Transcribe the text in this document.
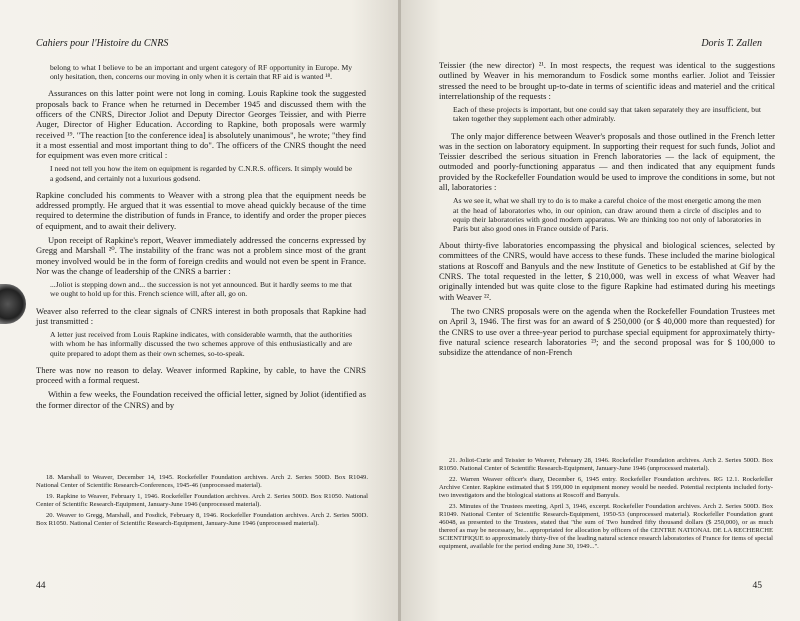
Cahiers pour l'Histoire du CNRS
belong to what I believe to be an important and urgent category of RF opportunity in Europe. My only hesitation, then, concerns our moving in only when it is certain that RF aid is wanted ¹⁸.

Assurances on this latter point were not long in coming. Louis Rapkine took the suggested proposals back to France when he returned in December 1945 and discussed them with the officers of the CNRS, Director Joliot and Deputy Director Georges Teissier, and with Pierre Auger, Director of Higher Education. According to Rapkine, both proposals were warmly received ¹⁹. "The reaction [to the conference idea] is absolutely unanimous", he wrote; "they find it a most essential and most important thing to do". The officers of the CNRS thought the need for equipment was even more critical :

I need not tell you how the item on equipment is regarded by C.N.R.S. officers. It simply would be a godsend, and certainly not a luxurious godsend.

Rapkine concluded his comments to Weaver with a strong plea that the equipment needs be addressed promptly. He argued that it was essential to move ahead quickly because of the time required to determine the distribution of funds in France, to identify and order the proper pieces of equipment, and to await their delivery.

Upon receipt of Rapkine's report, Weaver immediately addressed the concerns expressed by Gregg and Marshall ²⁰. The instability of the franc was not a problem since most of the grant money involved would be in the form of foreign credits and would not even be spent in France. Nor was the change of leadership of the CNRS a barrier :

...Joliot is stepping down and... the succession is not yet announced. But it hardly seems to me that we ought to hold up for this. French science will, after all, go on.

Weaver also referred to the clear signals of CNRS interest in both proposals that Rapkine had just transmitted :

A letter just received from Louis Rapkine indicates, with considerable warmth, that the authorities with whom he has informally discussed the two schemes approve of this enthusiastically and are quite prepared to adopt them as their own schemes, so-to-speak.

There was now no reason to delay. Weaver informed Rapkine, by cable, to have the CNRS proceed with a formal request.

Within a few weeks, the Foundation received the official letter, signed by Joliot (identified as the former director of the CNRS) and by

18. Marshall to Weaver, December 14, 1945. Rockefeller Foundation archives. Arch 2. Series 500D. Box R1049. National Center of Scientific Research-Conferences, 1945-46 (unprocessed material).

19. Rapkine to Weaver, February 1, 1946. Rockefeller Foundation archives. Arch 2. Series 500D. Box R1050. National Center of Scientific Research-Equipment, January-June 1946 (unprocessed material).

20. Weaver to Gregg, Marshall, and Fosdick, February 8, 1946. Rockefeller Foundation archives. Arch 2. Series 500D. Box R1050. National Center of Scientific Research-Equipment, January-June 1946 (unprocessed material).

44
Doris T. Zallen

Teissier (the new director) ²¹. In most respects, the request was identical to the suggestions outlined by Weaver in his memorandum to Fosdick some months earlier. Joliot and Teissier stressed the need to be brought up-to-date in terms of scientific ideas and materiel and the critical interrelationship of the requests :

Each of these projects is important, but one could say that taken separately they are insufficient, but taken together they supplement each other admirably.

The only major difference between Weaver's proposals and those outlined in the French letter was in the section on laboratory equipment. In supporting their request for such funds, Joliot and Teissier described the serious situation in French laboratories — the lack of equipment, the outmoded and poorly-functioning apparatus — and then indicated that any equipment funds provided by the Rockefeller Foundation would be used to improve the conditions in some, but not all, laboratories :

As we see it, what we shall try to do is to make a careful choice of the most energetic among the men at the head of laboratories who, in our opinion, can draw around them a circle of disciples and to equip their laboratories with good modern apparatus. We are thinking too not only of laboratories in Paris but also good ones in France outside of Paris.

About thirty-five laboratories encompassing the physical and biological sciences, selected by committees of the CNRS, would have access to these funds. These included the marine biological stations at Roscoff and Banyuls and the new Institute of Genetics to be established at Gif by the CNRS. The total requested in the letter, $ 210,000, was well in excess of what Weaver had originally intended but was quite close to the figure Rapkine had estimated during his meetings with Weaver ²².

The two CNRS proposals were on the agenda when the Rockefeller Foundation Trustees met on April 3, 1946. The first was for an award of $ 250,000 (or $ 40,000 more than requested) for the CNRS to use over a three-year period to purchase special equipment for approximately thirty-five natural science research laboratories ²³; and the second proposal was for $ 100,000 to subsidize the attendance of non-French

21. Joliot-Curie and Teissier to Weaver, February 28, 1946. Rockefeller Foundation archives. Arch 2. Series 500D. Box R1050. National Center of Scientific Research-Equipment, January-June 1946 (unprocessed material).

22. Warren Weaver officer's diary, December 6, 1945 entry. Rockefeller Foundation archives. RG 12.1. Rockefeller Archive Center. Rapkine estimated that $ 199,000 in equipment money would be needed. Potential recipients included forty-two investigators and the biological stations at Roscoff and Banyuls.

23. Minutes of the Trustees meeting, April 3, 1946, excerpt. Rockefeller Foundation archives. Arch 2. Series 500D. Box R1049. National Center of Scientific Research-Equipment, 1950-53 (unprocessed material). Rockefeller Foundation grant 46048, as presented to the Trustees, stated that "the sum of Two hundred fifty thousand dollars ($ 250,000), or as much thereof as may be necessary, be... appropriated for allocation by officers of the CENTRE NATIONAL DE LA RECHERCHE SCIENTIFIQUE to approximately thirty-five of the leading natural science research laboratories of France for items of special equipment, available for the period ending June 30, 1949...".

45
